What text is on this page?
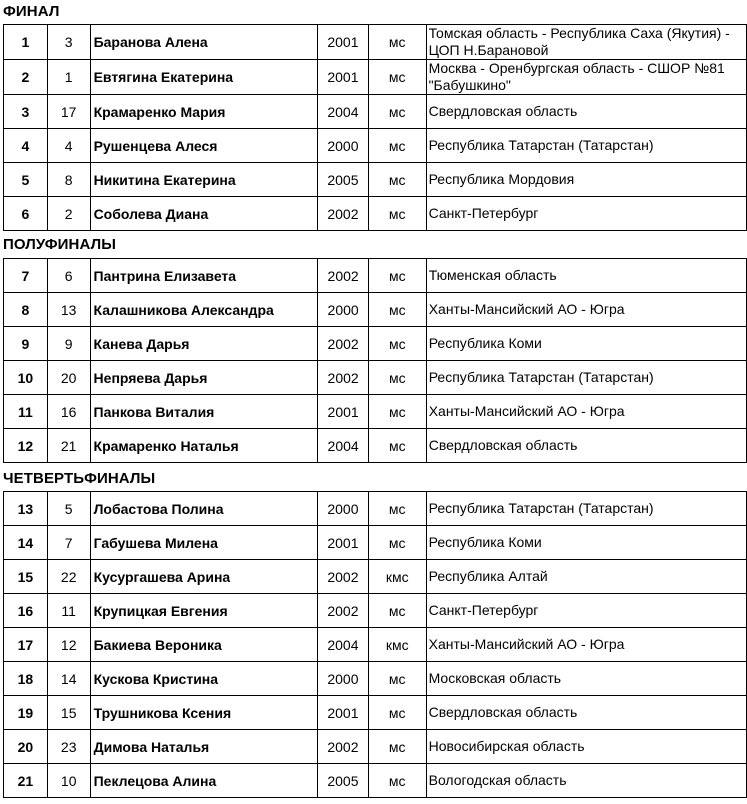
ФИНАЛ
1	3	Баранова Алена	2001	мс	Томская область - Республика Саха (Якутия) - ЦОП Н.Барановой

2	1	Евтягина Екатерина	2001	мс	Москва - Оренбургская область - СШОР №81 "Бабушкино"

3	17	Крамаренко Мария	2004	мс	Свердловская область
4	4	Рушенцева Алеся	2000	мс	Республика Татарстан (Татарстан)
5	8	Никитина Екатерина	2005	мс	Республика Мордовия
6	2	Соболева Диана	2002	мс	Санкт-Петербург
ПОЛУФИНАЛЫ
7	6	Пантрина Елизавета	2002	мс	Тюменская область
8	13	Калашникова Александра	2000	мс	Ханты-Мансийский АО - Югра
9	9	Канева Дарья	2002	мс	Республика Коми
10	20	Непряева Дарья	2002	мс	Республика Татарстан (Татарстан)
11	16	Панкова Виталия	2001	мс	Ханты-Мансийский АО - Югра
12	21	Крамаренко Наталья	2004	мс	Свердловская область
ЧЕТВЕРТЬФИНАЛЫ
13	5	Лобастова Полина	2000	мс	Республика Татарстан (Татарстан)
14	7	Габушева Милена	2001	мс	Республика Коми
15	22	Кусургашева Арина	2002	кмс	Республика Алтай
16	11	Крупицкая Евгения	2002	мс	Санкт-Петербург
17	12	Бакиева Вероника	2004	кмс	Ханты-Мансийский АО - Югра
18	14	Кускова Кристина	2000	мс	Московская область
19	15	Трушникова Ксения	2001	мс	Свердловская область
20	23	Димова Наталья	2002	мс	Новосибирская область
21	10	Пеклецова Алина	2005	мс	Вологодская область
